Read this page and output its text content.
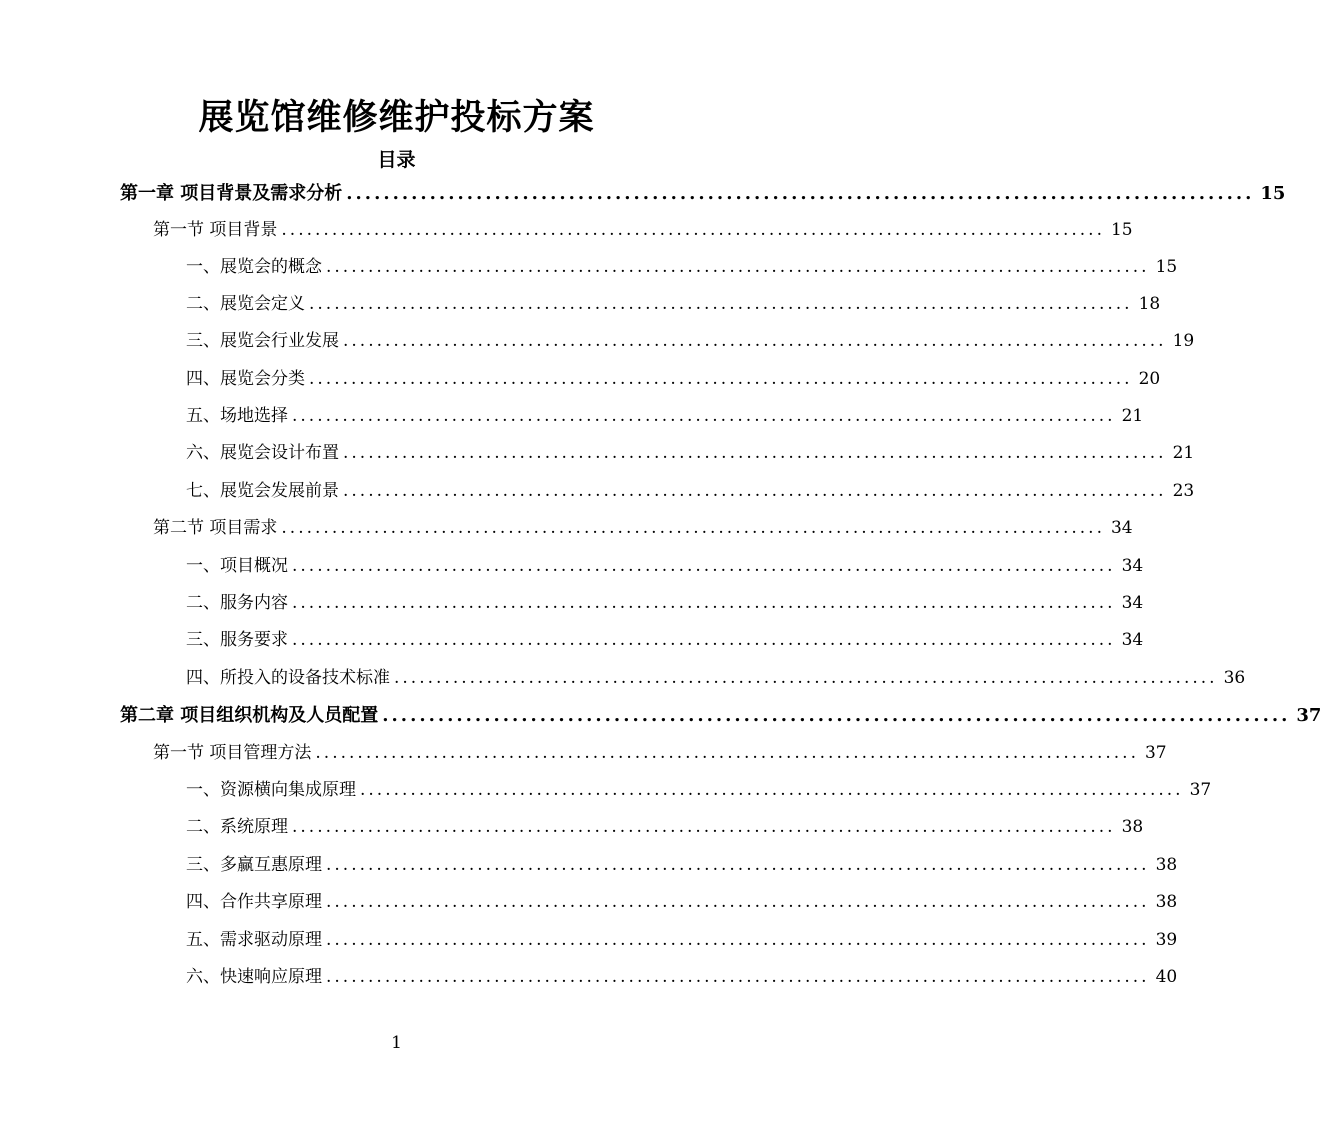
展览馆维修维护投标方案
目录
第一章 项目背景及需求分析 .................................................................................................. 15
第一节 项目背景 .................................................................................................. 15
一、展览会的概念 .................................................................................................. 15
二、展览会定义 .................................................................................................. 18
三、展览会行业发展 .................................................................................................. 19
四、展览会分类 .................................................................................................. 20
五、场地选择 .................................................................................................. 21
六、展览会设计布置 .................................................................................................. 21
七、展览会发展前景 .................................................................................................. 23
第二节 项目需求 .................................................................................................. 34
一、项目概况 .................................................................................................. 34
二、服务内容 .................................................................................................. 34
三、服务要求 .................................................................................................. 34
四、所投入的设备技术标准 .................................................................................................. 36
第二章 项目组织机构及人员配置 .................................................................................................. 37
第一节 项目管理方法 .................................................................................................. 37
一、资源横向集成原理 .................................................................................................. 37
二、系统原理 .................................................................................................. 38
三、多赢互惠原理 .................................................................................................. 38
四、合作共享原理 .................................................................................................. 38
五、需求驱动原理 .................................................................................................. 39
六、快速响应原理 .................................................................................................. 40
1
